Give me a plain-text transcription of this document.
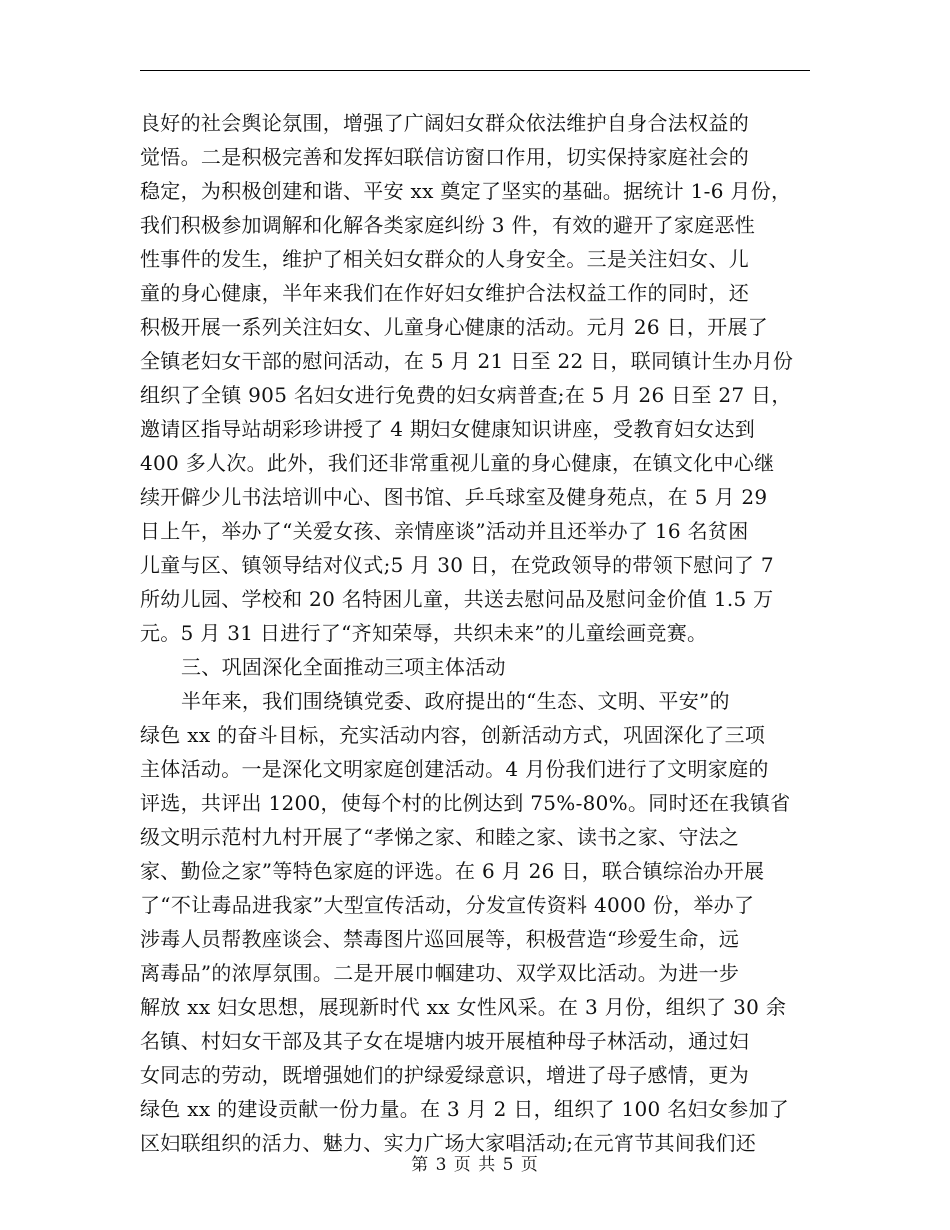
良好的社会舆论氛围，增强了广阔妇女群众依法维护自身合法权益的
觉悟。二是积极完善和发挥妇联信访窗口作用，切实保持家庭社会的
稳定，为积极创建和谐、平安 xx 奠定了坚实的基础。据统计 1-6 月份，
我们积极参加调解和化解各类家庭纠纷 3 件，有效的避开了家庭恶性
性事件的发生，维护了相关妇女群众的人身安全。三是关注妇女、儿
童的身心健康，半年来我们在作好妇女维护合法权益工作的同时，还
积极开展一系列关注妇女、儿童身心健康的活动。元月 26 日，开展了
全镇老妇女干部的慰问活动，在 5 月 21 日至 22 日，联同镇计生办月份
组织了全镇 905 名妇女进行免费的妇女病普查;在 5 月 26 日至 27 日，
邀请区指导站胡彩珍讲授了 4 期妇女健康知识讲座，受教育妇女达到
400 多人次。此外，我们还非常重视儿童的身心健康，在镇文化中心继
续开僻少儿书法培训中心、图书馆、乒乓球室及健身苑点，在 5 月 29
日上午，举办了“关爱女孩、亲情座谈”活动并且还举办了 16 名贫困
儿童与区、镇领导结对仪式;5 月 30 日，在党政领导的带领下慰问了 7
所幼儿园、学校和 20 名特困儿童，共送去慰问品及慰问金价值 1.5 万
元。5 月 31 日进行了“齐知荣辱，共织未来”的儿童绘画竞赛。
三、巩固深化全面推动三项主体活动
半年来，我们围绕镇党委、政府提出的“生态、文明、平安”的
绿色 xx 的奋斗目标，充实活动内容，创新活动方式，巩固深化了三项
主体活动。一是深化文明家庭创建活动。4 月份我们进行了文明家庭的
评选，共评出 1200，使每个村的比例达到 75%-80%。同时还在我镇省
级文明示范村九村开展了“孝悌之家、和睦之家、读书之家、守法之
家、勤俭之家”等特色家庭的评选。在 6 月 26 日，联合镇综治办开展
了“不让毒品进我家”大型宣传活动，分发宣传资料 4000 份，举办了
涉毒人员帮教座谈会、禁毒图片巡回展等，积极营造“珍爱生命，远
离毒品”的浓厚氛围。二是开展巾帼建功、双学双比活动。为进一步
解放 xx 妇女思想，展现新时代 xx 女性风采。在 3 月份，组织了 30 余
名镇、村妇女干部及其子女在堤塘内坡开展植种母子林活动，通过妇
女同志的劳动，既增强她们的护绿爱绿意识，增进了母子感情，更为
绿色 xx 的建设贡献一份力量。在 3 月 2 日，组织了 100 名妇女参加了
区妇联组织的活力、魅力、实力广场大家唱活动;在元宵节其间我们还
第 3 页 共 5 页
